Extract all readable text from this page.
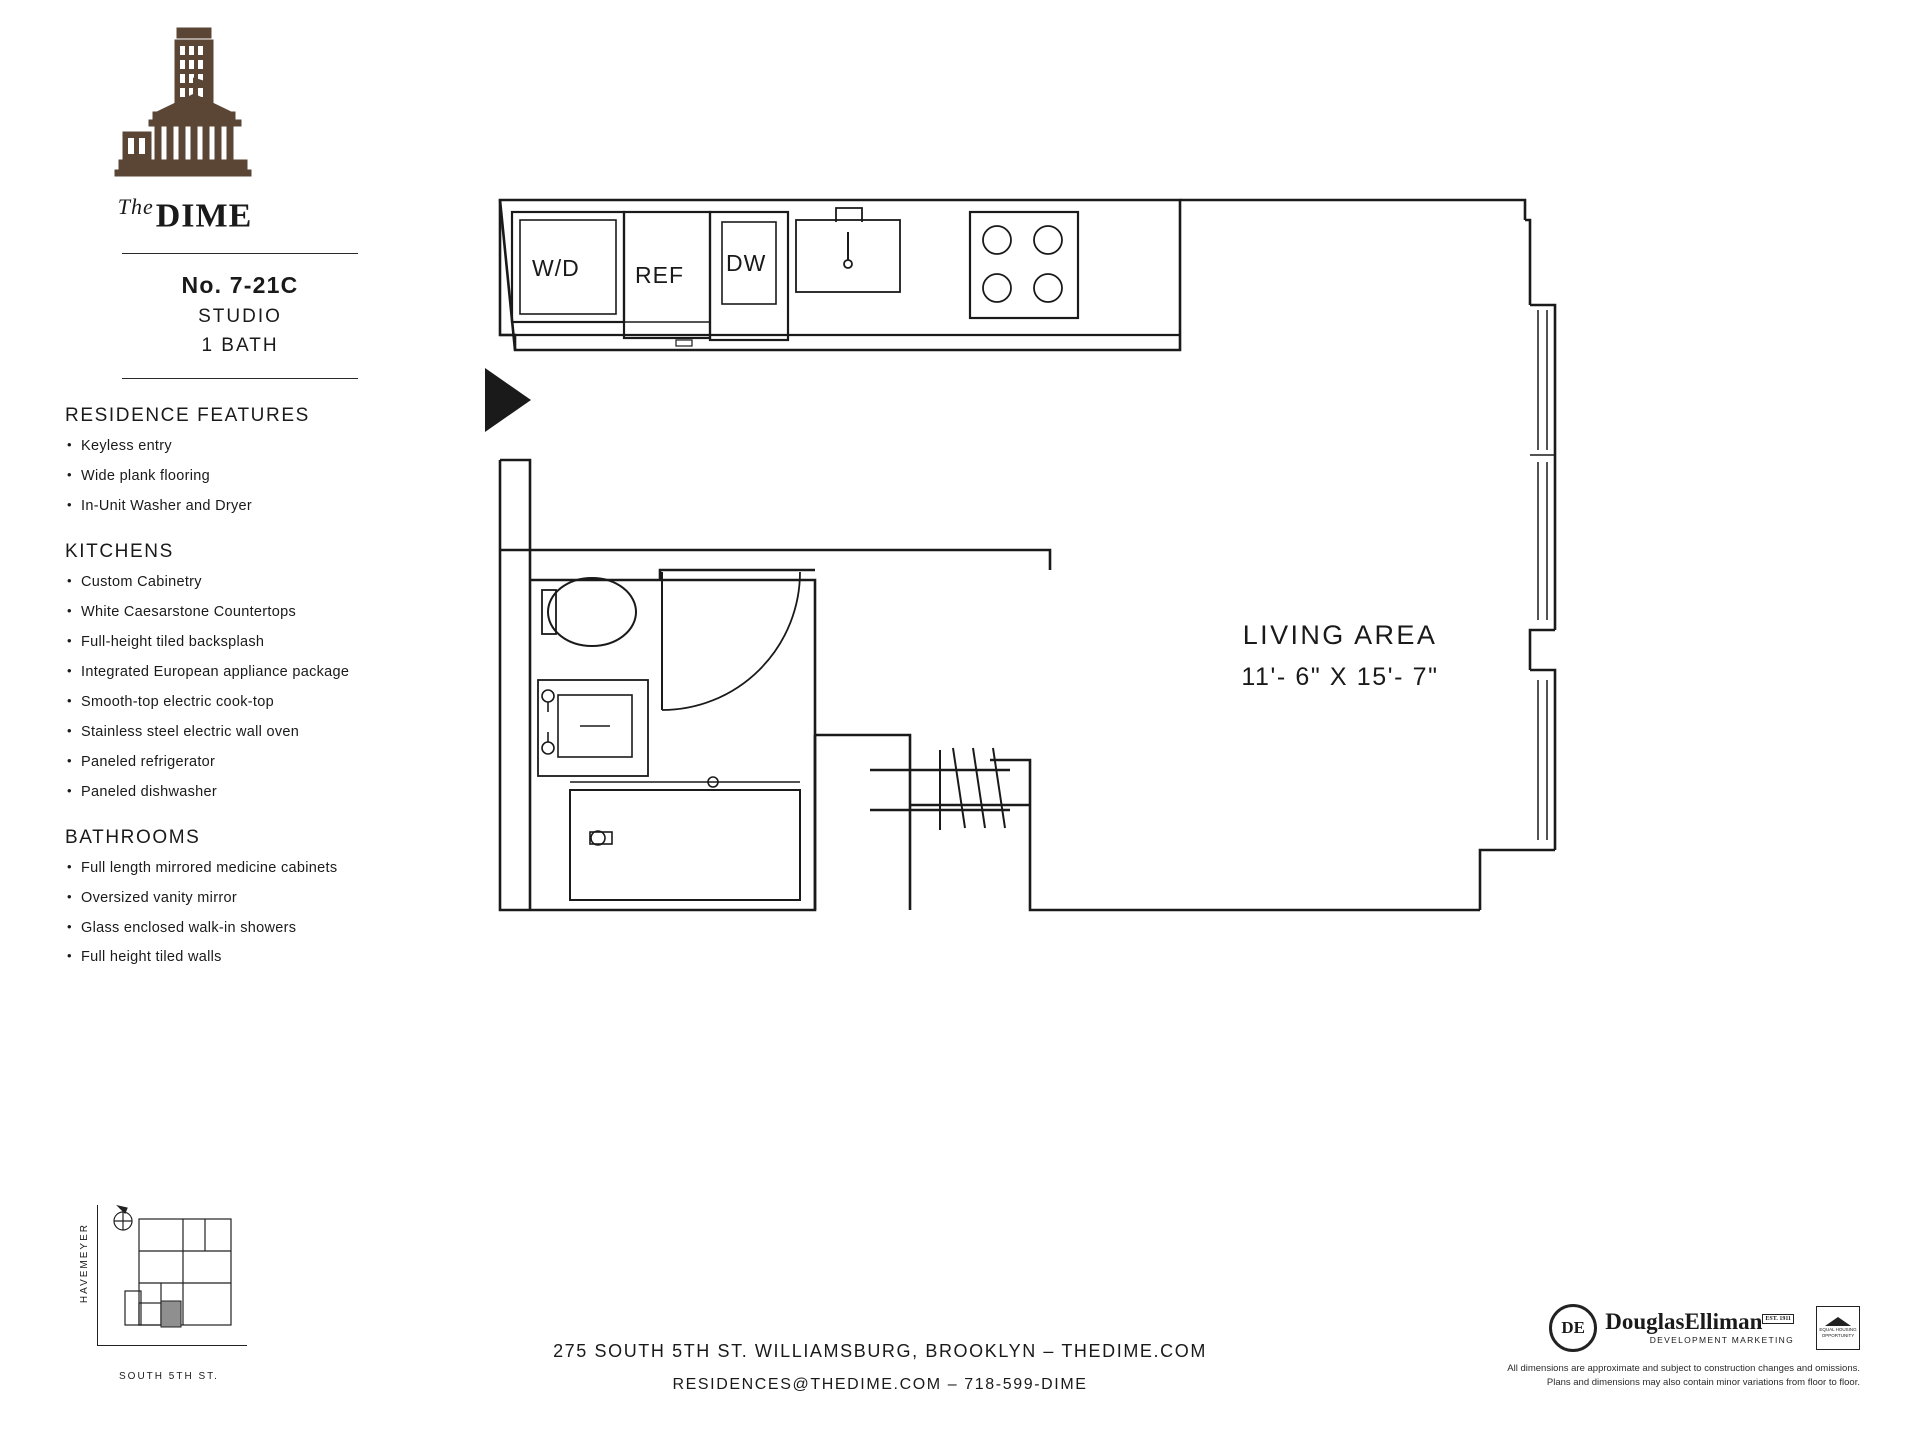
$^{The}$DIME
No. 7-21C
STUDIO
1 BATH
RESIDENCE FEATURES
• Keyless entry
• Wide plank flooring
• In-Unit Washer and Dryer
KITCHENS
• Custom Cabinetry
• White Caesarstone Countertops
• Full-height tiled backsplash
• Integrated European appliance package
• Smooth-top electric cook-top
• Stainless steel electric wall oven
• Paneled refrigerator
• Paneled dishwasher
BATHROOMS
• Full length mirrored medicine cabinets
• Oversized vanity mirror
• Glass enclosed walk-in showers
• Full height tiled walls
HAVEMEYER
SOUTH 5TH ST.
W/D REF DW
LIVING AREA
11'- 6" X 15'- 7"
275 SOUTH 5TH ST. WILLIAMSBURG, BROOKLYN – THEDIME.COM
RESIDENCES@THEDIME.COM – 718-599-DIME
DE DouglasElliman $^{EST. 1911}$
DEVELOPMENT MARKETING
EQUAL HOUSING
OPPORTUNITY
All dimensions are approximate and subject to construction changes and omissions.
Plans and dimensions may also contain minor variations from floor to floor.
